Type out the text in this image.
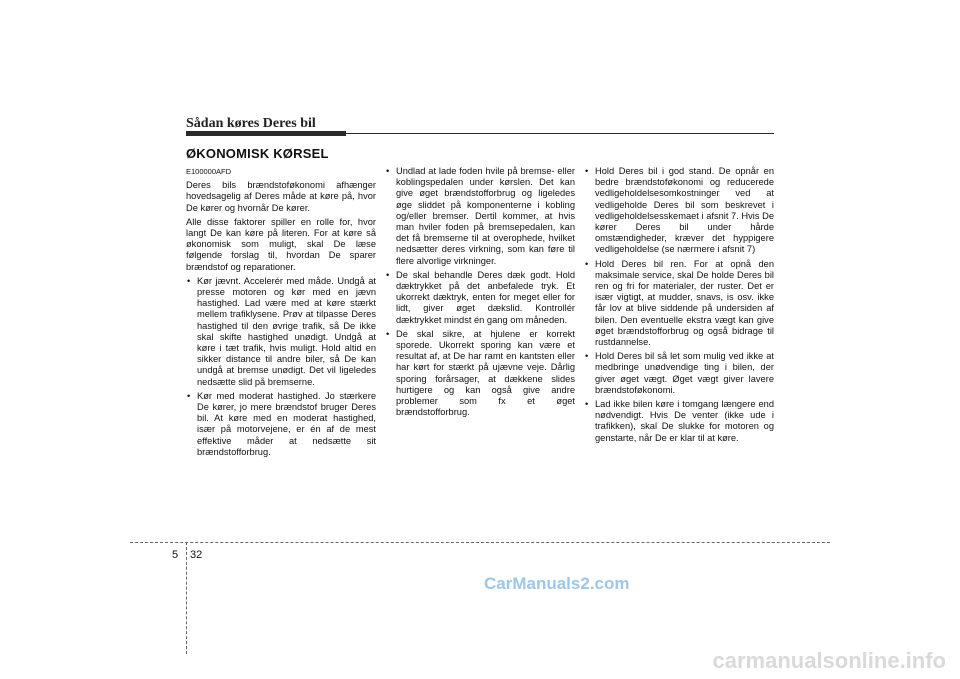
Sådan køres Deres bil
ØKONOMISK KØRSEL

E100000AFD

Deres bils brændstoføkonomi afhænger hovedsagelig af Deres måde at køre på, hvor De kører og hvornår De kører.

Alle disse faktorer spiller en rolle for, hvor langt De kan køre på literen. For at køre så økonomisk som muligt, skal De læse følgende forslag til, hvordan De sparer brændstof og reparationer.

• Kør jævnt. Accelerér med måde. Undgå at presse motoren og kør med en jævn hastighed. Lad være med at køre stærkt mellem trafiklysene. Prøv at tilpasse Deres hastighed til den øvrige trafik, så De ikke skal skifte hastighed unødigt. Undgå at køre i tæt trafik, hvis muligt. Hold altid en sikker distance til andre biler, så De kan undgå at bremse unødigt. Det vil ligeledes nedsætte slid på bremserne.
• Kør med moderat hastighed. Jo stærkere De kører, jo mere brændstof bruger Deres bil. At køre med en moderat hastighed, især på motorvejene, er én af de mest effektive måder at nedsætte sit brændstofforbrug.
• Undlad at lade foden hvile på bremse- eller koblingspedalen under kørslen. Det kan give øget brændstofforbrug og ligeledes øge sliddet på komponenterne i kobling og/eller bremser. Dertil kommer, at hvis man hviler foden på bremsepedalen, kan det få bremserne til at overophede, hvilket nedsætter deres virkning, som kan føre til flere alvorlige virkninger.
• De skal behandle Deres dæk godt. Hold dæktrykket på det anbefalede tryk. Et ukorrekt dæktryk, enten for meget eller for lidt, giver øget dækslid. Kontrollér dæktrykket mindst én gang om måneden.
• De skal sikre, at hjulene er korrekt sporede. Ukorrekt sporing kan være et resultat af, at De har ramt en kantsten eller har kørt for stærkt på ujævne veje. Dårlig sporing forårsager, at dækkene slides hurtigere og kan også give andre problemer som fx et øget brændstofforbrug.
• Hold Deres bil i god stand. De opnår en bedre brændstoføkonomi og reducerede vedligeholdelsesomkostninger ved at vedligeholde Deres bil som beskrevet i vedligeholdelsesskemaet i afsnit 7. Hvis De kører Deres bil under hårde omstændigheder, kræver det hyppigere vedligeholdelse (se nærmere i afsnit 7)
• Hold Deres bil ren. For at opnå den maksimale service, skal De holde Deres bil ren og fri for materialer, der ruster. Det er især vigtigt, at mudder, snavs, is osv. ikke får lov at blive siddende på undersiden af bilen. Den eventuelle ekstra vægt kan give øget brændstofforbrug og også bidrage til rustdannelse.
• Hold Deres bil så let som mulig ved ikke at medbringe unødvendige ting i bilen, der giver øget vægt. Øget vægt giver lavere brændstoføkonomi.
• Lad ikke bilen køre i tomgang længere end nødvendigt. Hvis De venter (ikke ude i trafikken), skal De slukke for motoren og genstarte, når De er klar til at køre.
5 32
CarManuals2.com
carmanualsonline.info
